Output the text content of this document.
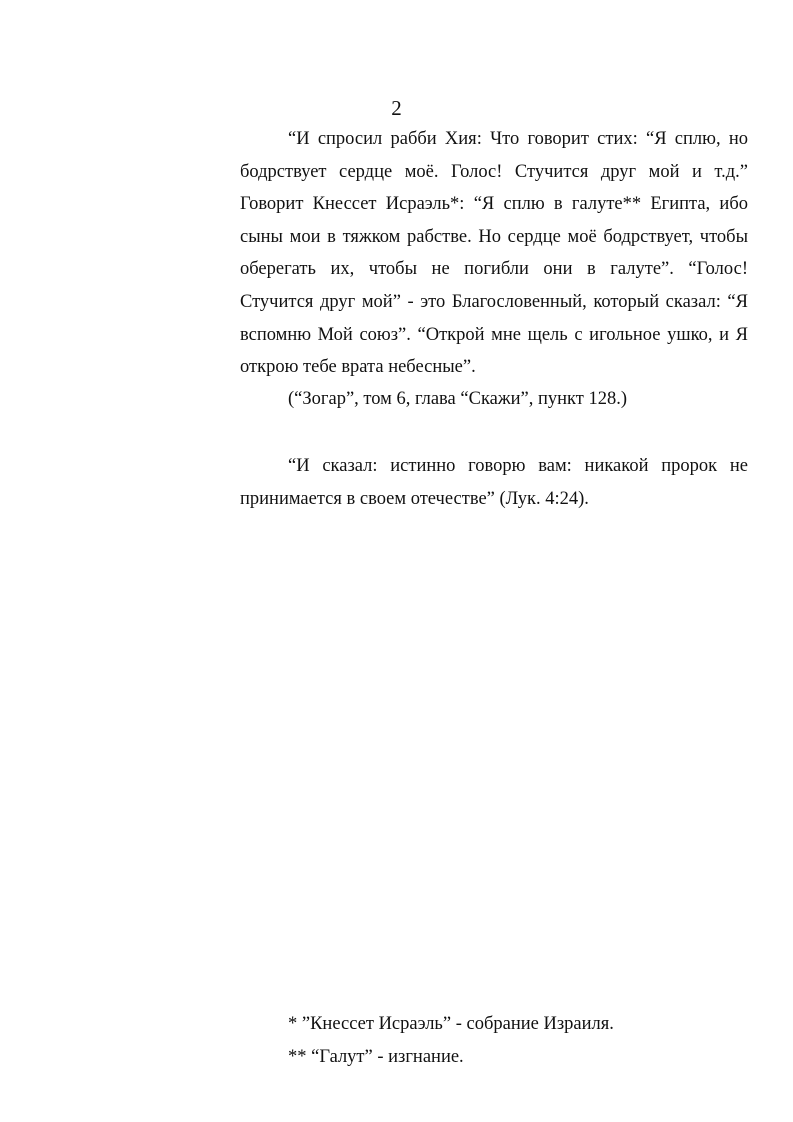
2
“И спросил рабби Хия: Что говорит стих: “Я сплю, но
бодрствует сердце моё. Голос! Стучится друг мой и т.д.”
Говорит Кнессет Исраэль*: “Я сплю в галуте** Египта, ибо
сыны мои в тяжком рабстве. Но сердце моё бодрствует, чтобы
оберегать их, чтобы не погибли они в галуте”. “Голос!
Стучится друг мой” - это Благословенный, который сказал: “Я
вспомню Мой союз”. “Открой мне щель с игольное ушко, и Я
открою тебе врата небесные”.
(“Зогар”, том 6, глава “Скажи”, пункт 128.)
“И сказал: истинно говорю вам: никакой пророк не
принимается в своем отечестве” (Лук. 4:24).
* ”Кнессет Исраэль” - собрание Израиля.
** “Галут” - изгнание.
